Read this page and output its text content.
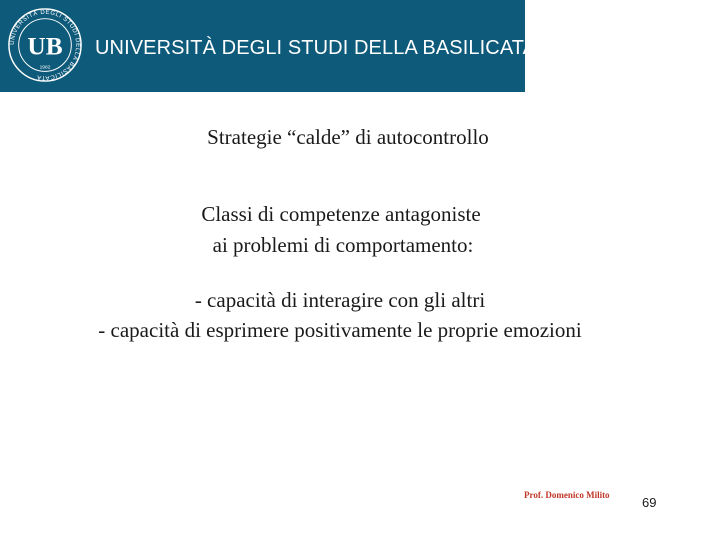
UNIVERSITÀ DEGLI STUDI DELLA BASILICATA
UB
1982
UNIVERSITÀ DEGLI STUDI DELLA BASILICATA
Strategie “calde” di autocontrollo
Classi di competenze antagoniste
ai problemi di comportamento:
- capacità di interagire con gli altri
- capacità di esprimere positivamente le proprie emozioni
Prof. Domenico Milito 69
